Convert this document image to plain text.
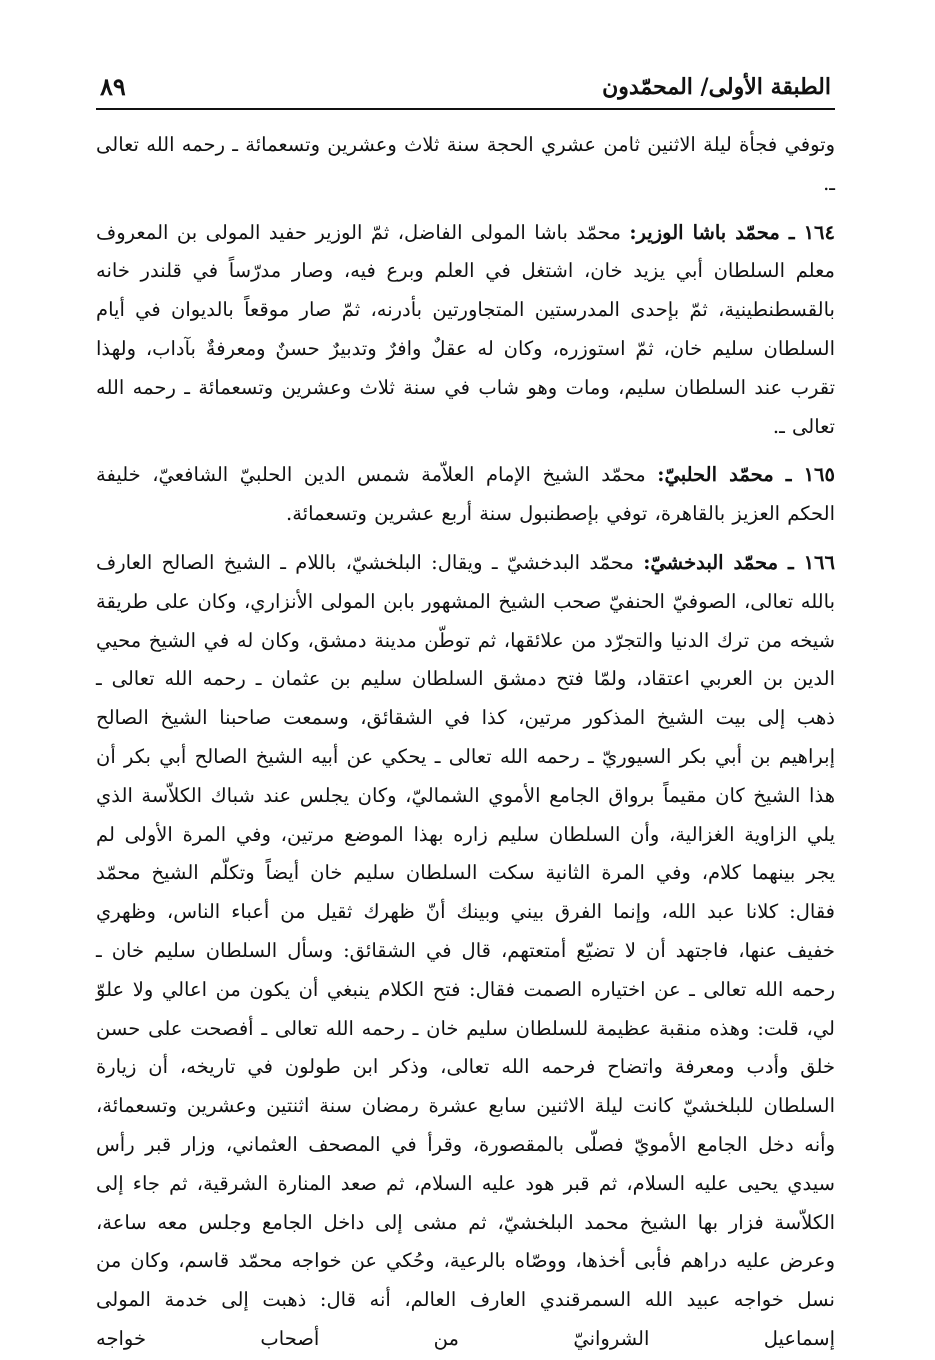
الطبقة الأولى/ المحمّدون
٨٩

وتوفي فجأة ليلة الاثنين ثامن عشري الحجة سنة ثلاث وعشرين وتسعمائة ـ رحمه الله تعالى ـ.

١٦٤ ـ محمّد باشا الوزير: محمّد باشا المولى الفاضل، ثمّ الوزير حفيد المولى بن المعروف معلم السلطان أبي يزيد خان، اشتغل في العلم وبرع فيه، وصار مدرّساً في قلندر خانه بالقسطنطينية، ثمّ بإحدى المدرستين المتجاورتين بأدرنه، ثمّ صار موقعاً بالديوان في أيام السلطان سليم خان، ثمّ استوزره، وكان له عقلٌ وافرٌ وتدبيرٌ حسنٌ ومعرفةٌ بآداب، ولهذا تقرب عند السلطان سليم، ومات وهو شاب في سنة ثلاث وعشرين وتسعمائة ـ رحمه الله تعالى ـ.

١٦٥ ـ محمّد الحلبيّ: محمّد الشيخ الإمام العلاّمة شمس الدين الحلبيّ الشافعيّ، خليفة الحكم العزيز بالقاهرة، توفي بإصطنبول سنة أربع عشرين وتسعمائة.

١٦٦ ـ محمّد البدخشيّ: محمّد البدخشيّ ـ ويقال: البلخشيّ، باللام ـ الشيخ الصالح العارف بالله تعالى، الصوفيّ الحنفيّ صحب الشيخ المشهور بابن المولى الأنزاري، وكان على طريقة شيخه من ترك الدنيا والتجرّد من علائقها، ثم توطّن مدينة دمشق، وكان له في الشيخ محيي الدين بن العربي اعتقاد، ولمّا فتح دمشق السلطان سليم بن عثمان ـ رحمه الله تعالى ـ ذهب إلى بيت الشيخ المذكور مرتين، كذا في الشقائق، وسمعت صاحبنا الشيخ الصالح إبراهيم بن أبي بكر السيوريّ ـ رحمه الله تعالى ـ يحكي عن أبيه الشيخ الصالح أبي بكر أن هذا الشيخ كان مقيماً برواق الجامع الأموي الشماليّ، وكان يجلس عند شباك الكلاّسة الذي يلي الزاوية الغزالية، وأن السلطان سليم زاره بهذا الموضع مرتين، وفي المرة الأولى لم يجر بينهما كلام، وفي المرة الثانية سكت السلطان سليم خان أيضاً وتكلّم الشيخ محمّد فقال: كلانا عبد الله، وإنما الفرق بيني وبينك أنّ ظهرك ثقيل من أعباء الناس، وظهري خفيف عنها، فاجتهد أن لا تضيّع أمتعتهم، قال في الشقائق: وسأل السلطان سليم خان ـ رحمه الله تعالى ـ عن اختياره الصمت فقال: فتح الكلام ينبغي أن يكون من اعالي ولا علوّ لي، قلت: وهذه منقبة عظيمة للسلطان سليم خان ـ رحمه الله تعالى ـ أفصحت على حسن خلق وأدب ومعرفة واتضاح فرحمه الله تعالى، وذكر ابن طولون في تاريخه، أن زيارة السلطان للبلخشيّ كانت ليلة الاثنين سابع عشرة رمضان سنة اثنتين وعشرين وتسعمائة، وأنه دخل الجامع الأمويّ فصلّى بالمقصورة، وقرأ في المصحف العثماني، وزار قبر رأس سيدي يحيى عليه السلام، ثم قبر هود عليه السلام، ثم صعد المنارة الشرقية، ثم جاء إلى الكلاّسة فزار بها الشيخ محمد البلخشيّ، ثم مشى إلى داخل الجامع وجلس معه ساعة، وعرض عليه دراهم فأبى أخذها، ووصّاه بالرعية، وحُكي عن خواجه محمّد قاسم، وكان من نسل خواجه عبيد الله السمرقندي العارف العالم، أنه قال: ذهبت إلى خدمة المولى إسماعيل الشروانيّ من أصحاب خواجه
